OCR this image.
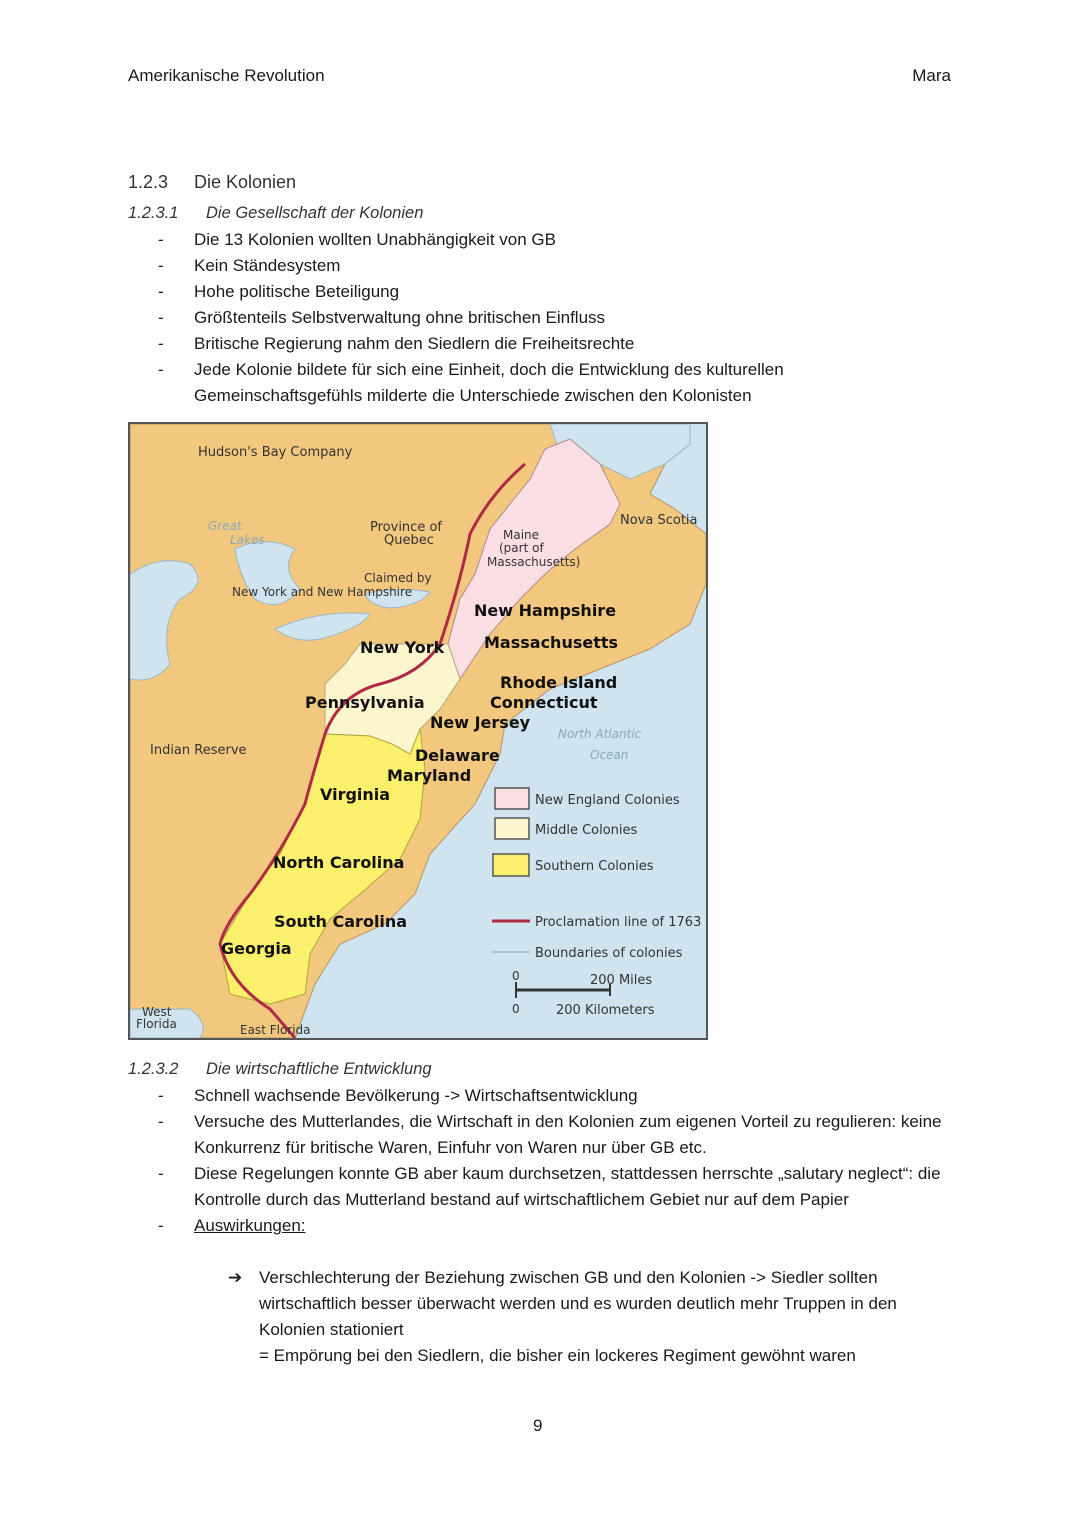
Amerikanische Revolution	Mara
1.2.3 Die Kolonien
1.2.3.1 Die Gesellschaft der Kolonien
- Die 13 Kolonien wollten Unabhängigkeit von GB
- Kein Ständesystem
- Hohe politische Beteiligung
- Größtenteils Selbstverwaltung ohne britischen Einfluss
- Britische Regierung nahm den Siedlern die Freiheitsrechte
- Jede Kolonie bildete für sich eine Einheit, doch die Entwicklung des kulturellen Gemeinschaftsgefühls milderte die Unterschiede zwischen den Kolonisten
Hudson's Bay Company
Great
Lakes
Province of
Quebec
Claimed by
New York and New Hampshire
Maine
(part of
Massachusetts)
Nova Scotia
New Hampshire
Massachusetts
New York
Rhode Island
Connecticut
Pennsylvania
New Jersey
North Atlantic
Ocean
Indian Reserve	Delaware
Maryland
Virginia
North Carolina
South Carolina
Georgia
West
Florida	East Florida
New England Colonies
Middle Colonies
Southern Colonies
Proclamation line of 1763
Boundaries of colonies
0
0
200 Miles
200 Kilometers
1.2.3.2 Die wirtschaftliche Entwicklung
- Schnell wachsende Bevölkerung -> Wirtschaftsentwicklung
- Versuche des Mutterlandes, die Wirtschaft in den Kolonien zum eigenen Vorteil zu regulieren: keine Konkurrenz für britische Waren, Einfuhr von Waren nur über GB etc.
- Diese Regelungen konnte GB aber kaum durchsetzen, stattdessen herrschte „salutary neglect“: die Kontrolle durch das Mutterland bestand auf wirtschaftlichem Gebiet nur auf dem Papier
- Auswirkungen:
➔ Verschlechterung der Beziehung zwischen GB und den Kolonien -> Siedler sollten wirtschaftlich besser überwacht werden und es wurden deutlich mehr Truppen in den Kolonien stationiert
= Empörung bei den Siedlern, die bisher ein lockeres Regiment gewöhnt waren
9
